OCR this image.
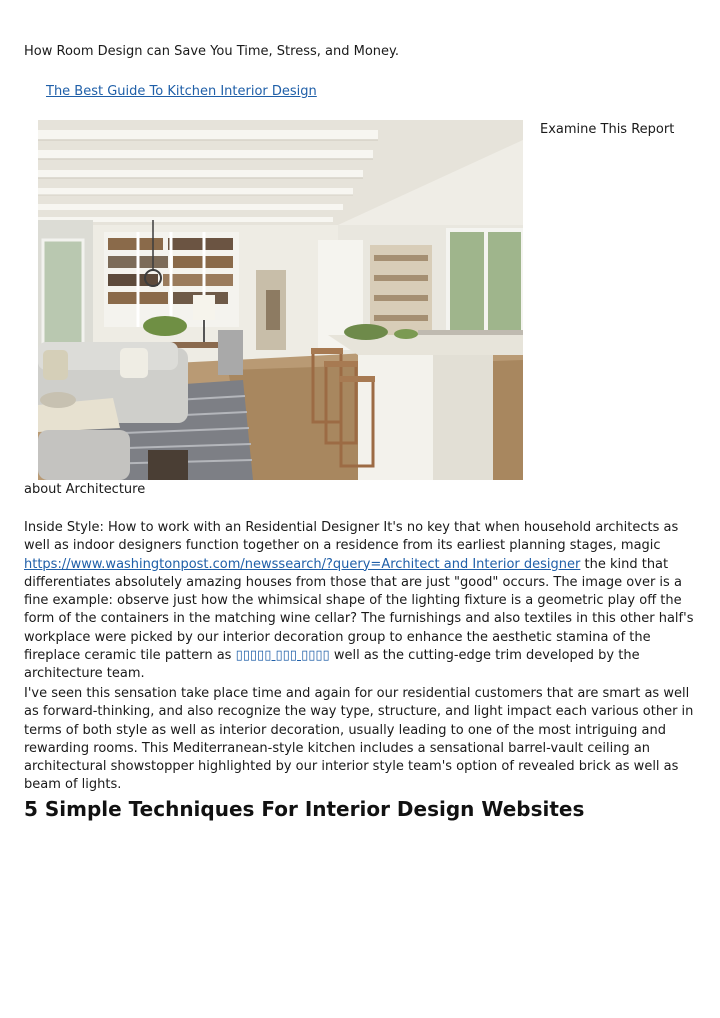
How Room Design can Save You Time, Stress, and Money.
The Best Guide To Kitchen Interior Design
Examine This Report
about Architecture

Inside Style: How to work with an Residential Designer It's no key that when household architects as well as indoor designers function together on a residence from its earliest planning stages, magic https://www.washingtonpost.com/newssearch/?query=Architect and Interior designer the kind that differentiates absolutely amazing houses from those that are just "good" occurs. The image over is a fine example: observe just how the whimsical shape of the lighting fixture is a geometric play off the form of the containers in the matching wine cellar? The furnishings and also textiles in this other half's workplace were picked by our interior decoration group to enhance the aesthetic stamina of the fireplace ceramic tile pattern as ▯▯▯▯▯ ▯▯▯ ▯▯▯▯ well as the cutting-edge trim developed by the architecture team.

I've seen this sensation take place time and again for our residential customers that are smart as well as forward-thinking, and also recognize the way type, structure, and light impact each various other in terms of both style as well as interior decoration, usually leading to one of the most intriguing and rewarding rooms. This Mediterranean-style kitchen includes a sensational barrel-vault ceiling an architectural showstopper highlighted by our interior style team's option of revealed brick as well as beam of lights.

5 Simple Techniques For Interior Design Websites
